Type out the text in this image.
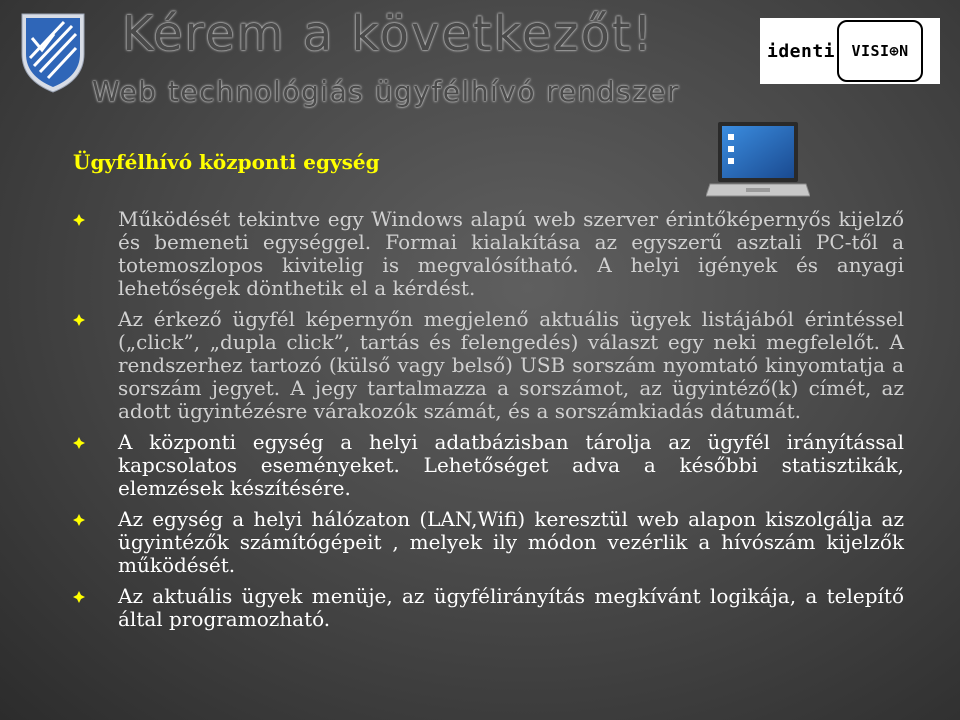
Kérem a következőt!
Web technológiás ügyfélhívó rendszer
identi VISI⊕N
Ügyfélhívó központi egység
Működését tekintve egy Windows alapú web szerver érintőképernyős kijelző és bemeneti egységgel. Formai kialakítása az egyszerű asztali PC-től a totemoszlopos kivitelig is megvalósítható. A helyi igények és anyagi lehetőségek dönthetik el a kérdést.
Az érkező ügyfél képernyőn megjelenő aktuális ügyek listájából érintéssel („click”, „dupla click”, tartás és felengedés) választ egy neki megfelelőt. A rendszerhez tartozó (külső vagy belső) USB sorszám nyomtató kinyomtatja a sorszám jegyet. A jegy tartalmazza a sorszámot, az ügyintéző(k) címét, az adott ügyintézésre várakozók számát, és a sorszámkiadás dátumát.
A központi egység a helyi adatbázisban tárolja az ügyfél irányítással kapcsolatos eseményeket. Lehetőséget adva a későbbi statisztikák, elemzések készítésére.
Az egység a helyi hálózaton (LAN,Wifi) keresztül web alapon kiszolgálja az ügyintézők számítógépeit , melyek ily módon vezérlik a hívószám kijelzők működését.
Az aktuális ügyek menüje, az ügyfélirányítás megkívánt logikája, a telepítő által programozható.
